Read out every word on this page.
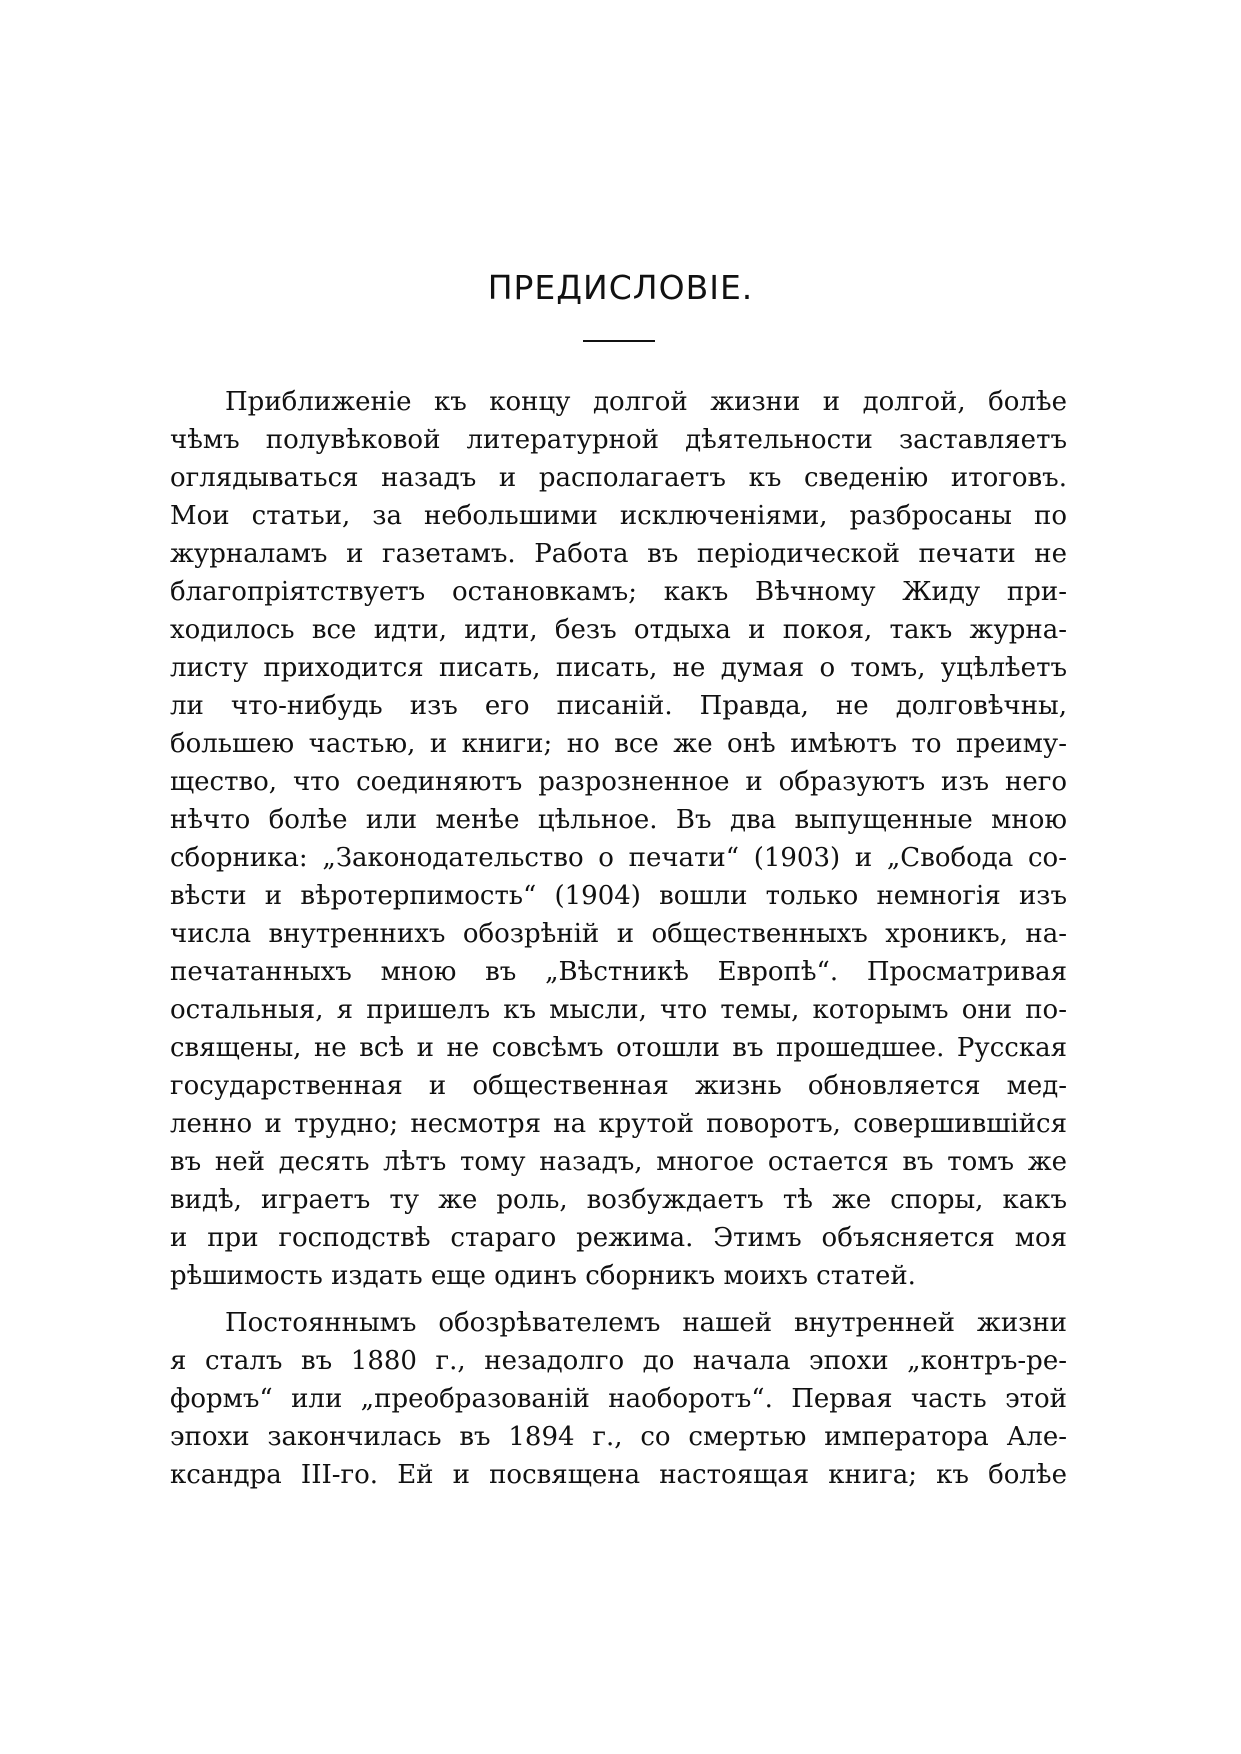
ПРЕДИСЛОВІЕ.
Приближеніе къ концу долгой жизни и долгой, болѣе
чѣмъ полувѣковой литературной дѣятельности заставляетъ
оглядываться назадъ и располагаетъ къ сведенію итоговъ.
Мои статьи, за небольшими исключеніями, разбросаны по
журналамъ и газетамъ. Работа въ періодической печати не
благопріятствуетъ остановкамъ; какъ Вѣчному Жиду при-
ходилось все идти, идти, безъ отдыха и покоя, такъ журна-
листу приходится писать, писать, не думая о томъ, уцѣлѣетъ
ли что-нибудь изъ его писаній. Правда, не долговѣчны,
большею частью, и книги; но все же онѣ имѣютъ то преиму-
щество, что соединяютъ разрозненное и образуютъ изъ него
нѣчто болѣе или менѣе цѣльное. Въ два выпущенные мною
сборника: „Законодательство о печати“ (1903) и „Свобода со-
вѣсти и вѣротерпимость“ (1904) вошли только немногія изъ
числа внутреннихъ обозрѣній и общественныхъ хроникъ, на-
печатанныхъ мною въ „Вѣстникѣ Европѣ“. Просматривая
остальныя, я пришелъ къ мысли, что темы, которымъ они по-
священы, не всѣ и не совсѣмъ отошли въ прошедшее. Русская
государственная и общественная жизнь обновляется мед-
ленно и трудно; несмотря на крутой поворотъ, совершившійся
въ ней десять лѣтъ тому назадъ, многое остается въ томъ же
видѣ, играетъ ту же роль, возбуждаетъ тѣ же споры, какъ
и при господствѣ стараго режима. Этимъ объясняется моя
рѣшимость издать еще одинъ сборникъ моихъ статей.
Постояннымъ обозрѣвателемъ нашей внутренней жизни
я сталъ въ 1880 г., незадолго до начала эпохи „контръ-ре-
формъ“ или „преобразованій наоборотъ“. Первая часть этой
эпохи закончилась въ 1894 г., со смертью императора Але-
ксандра III-го. Ей и посвящена настоящая книга; къ болѣе
